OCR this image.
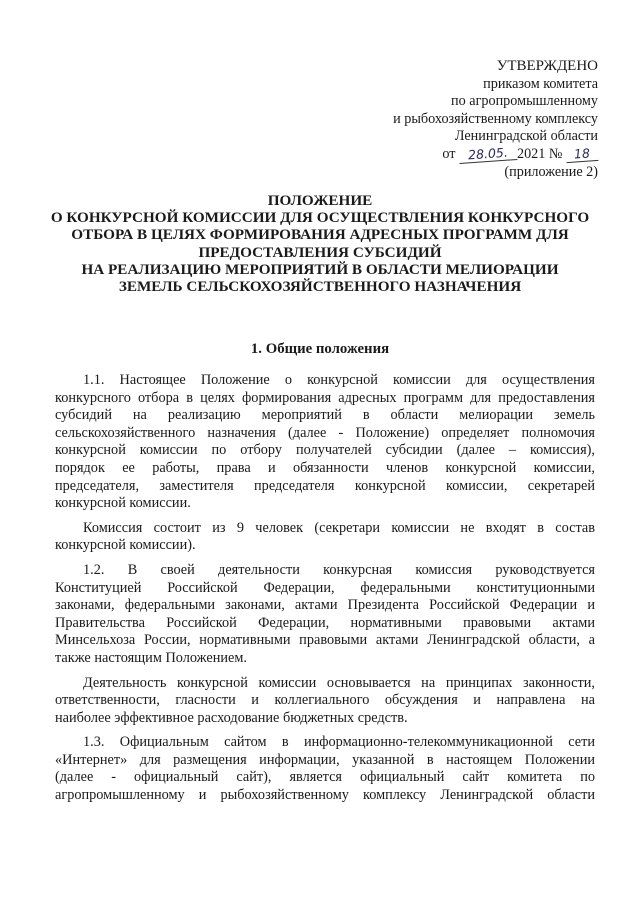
УТВЕРЖДЕНО
приказом комитета
по агропромышленному
и рыбохозяйственному комплексу
Ленинградской области
от 28.05. 2021 № 18
(приложение 2)
ПОЛОЖЕНИЕ
О КОНКУРСНОЙ КОМИССИИ ДЛЯ ОСУЩЕСТВЛЕНИЯ КОНКУРСНОГО
ОТБОРА В ЦЕЛЯХ ФОРМИРОВАНИЯ АДРЕСНЫХ ПРОГРАММ ДЛЯ
ПРЕДОСТАВЛЕНИЯ СУБСИДИЙ
НА РЕАЛИЗАЦИЮ МЕРОПРИЯТИЙ В ОБЛАСТИ МЕЛИОРАЦИИ
ЗЕМЕЛЬ СЕЛЬСКОХОЗЯЙСТВЕННОГО НАЗНАЧЕНИЯ
1. Общие положения

1.1. Настоящее Положение о конкурсной комиссии для осуществления
конкурсного отбора в целях формирования адресных программ для предоставления
субсидий на реализацию мероприятий в области мелиорации земель
сельскохозяйственного назначения (далее - Положение) определяет полномочия
конкурсной комиссии по отбору получателей субсидии (далее – комиссия),
порядок ее работы, права и обязанности членов конкурсной комиссии,
председателя, заместителя председателя конкурсной комиссии, секретарей
конкурсной комиссии.

Комиссия состоит из 9 человек (секретари комиссии не входят в состав
конкурсной комиссии).

1.2. В своей деятельности конкурсная комиссия руководствуется
Конституцией Российской Федерации, федеральными конституционными
законами, федеральными законами, актами Президента Российской Федерации и
Правительства Российской Федерации, нормативными правовыми актами
Минсельхоза России, нормативными правовыми актами Ленинградской области, а
также настоящим Положением.

Деятельность конкурсной комиссии основывается на принципах законности,
ответственности, гласности и коллегиального обсуждения и направлена на
наиболее эффективное расходование бюджетных средств.

1.3. Официальным сайтом в информационно-телекоммуникационной сети
«Интернет» для размещения информации, указанной в настоящем Положении
(далее - официальный сайт), является официальный сайт комитета по
агропромышленному и рыбохозяйственному комплексу Ленинградской области
